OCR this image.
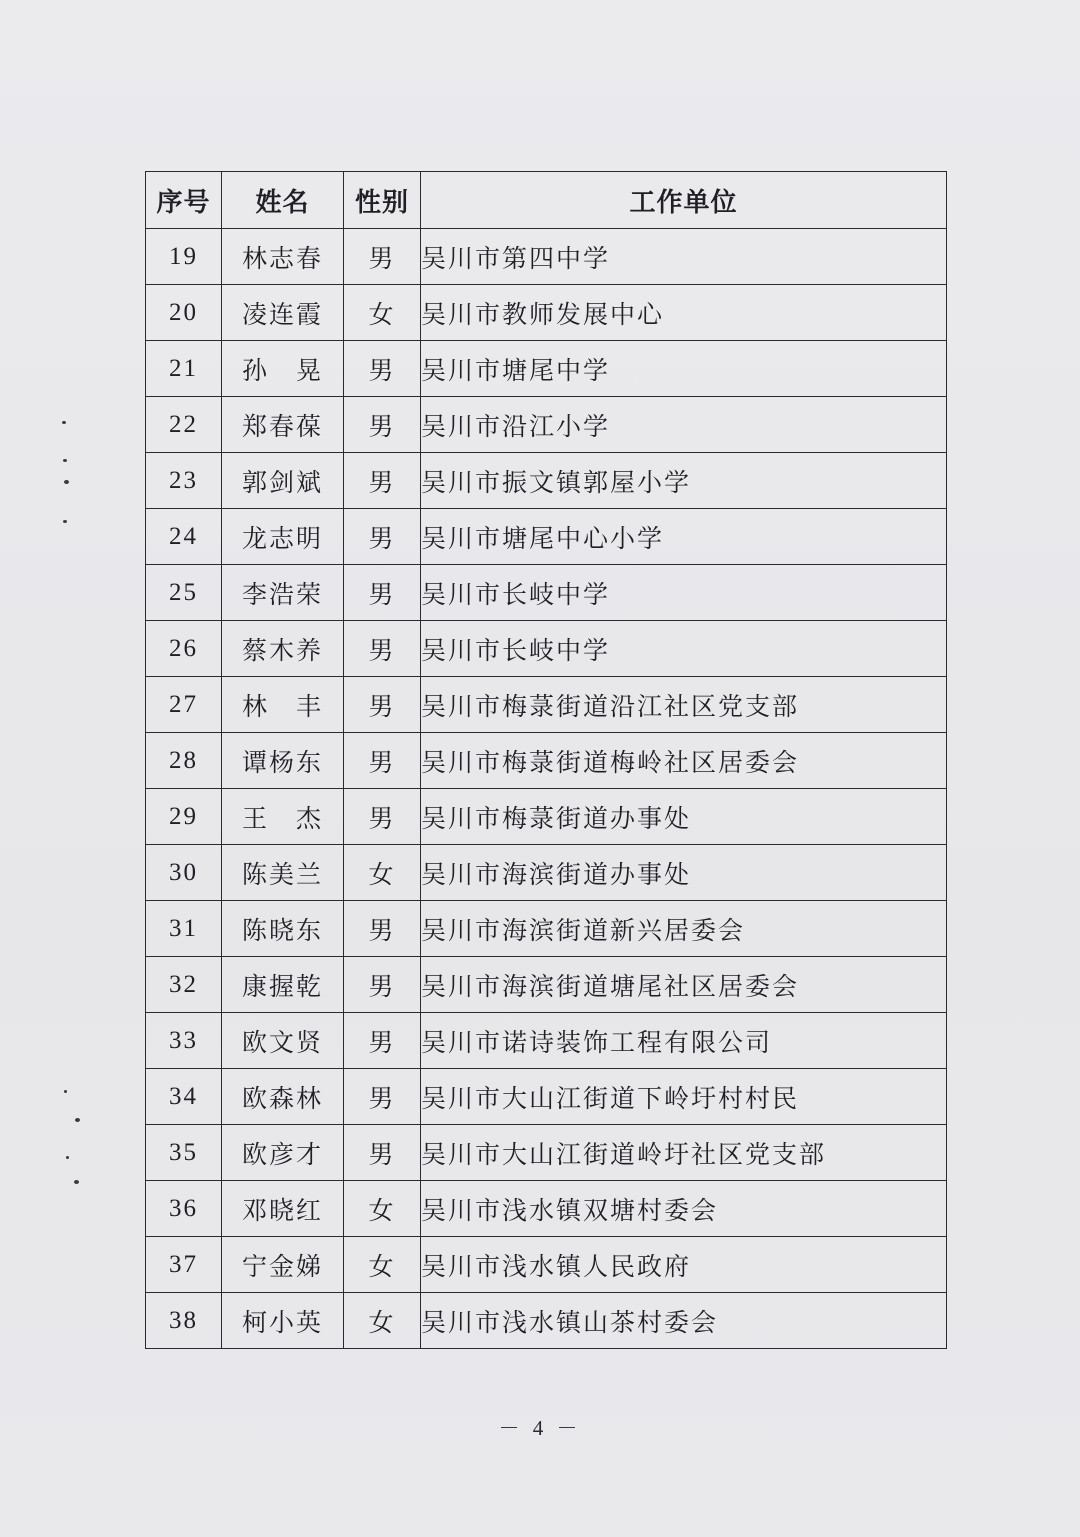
序号	姓名	性别	工作单位
19	林志春	男	吴川市第四中学
20	凌连霞	女	吴川市教师发展中心
21	孙　晃	男	吴川市塘尾中学
22	郑春葆	男	吴川市沿江小学
23	郭剑斌	男	吴川市振文镇郭屋小学
24	龙志明	男	吴川市塘尾中心小学
25	李浩荣	男	吴川市长岐中学
26	蔡木养	男	吴川市长岐中学
27	林　丰	男	吴川市梅菉街道沿江社区党支部
28	谭杨东	男	吴川市梅菉街道梅岭社区居委会
29	王　杰	男	吴川市梅菉街道办事处
30	陈美兰	女	吴川市海滨街道办事处
31	陈晓东	男	吴川市海滨街道新兴居委会
32	康握乾	男	吴川市海滨街道塘尾社区居委会
33	欧文贤	男	吴川市诺诗装饰工程有限公司
34	欧森林	男	吴川市大山江街道下岭圩村村民
35	欧彦才	男	吴川市大山江街道岭圩社区党支部
36	邓晓红	女	吴川市浅水镇双塘村委会
37	宁金娣	女	吴川市浅水镇人民政府
38	柯小英	女	吴川市浅水镇山茶村委会
－ 4 －
